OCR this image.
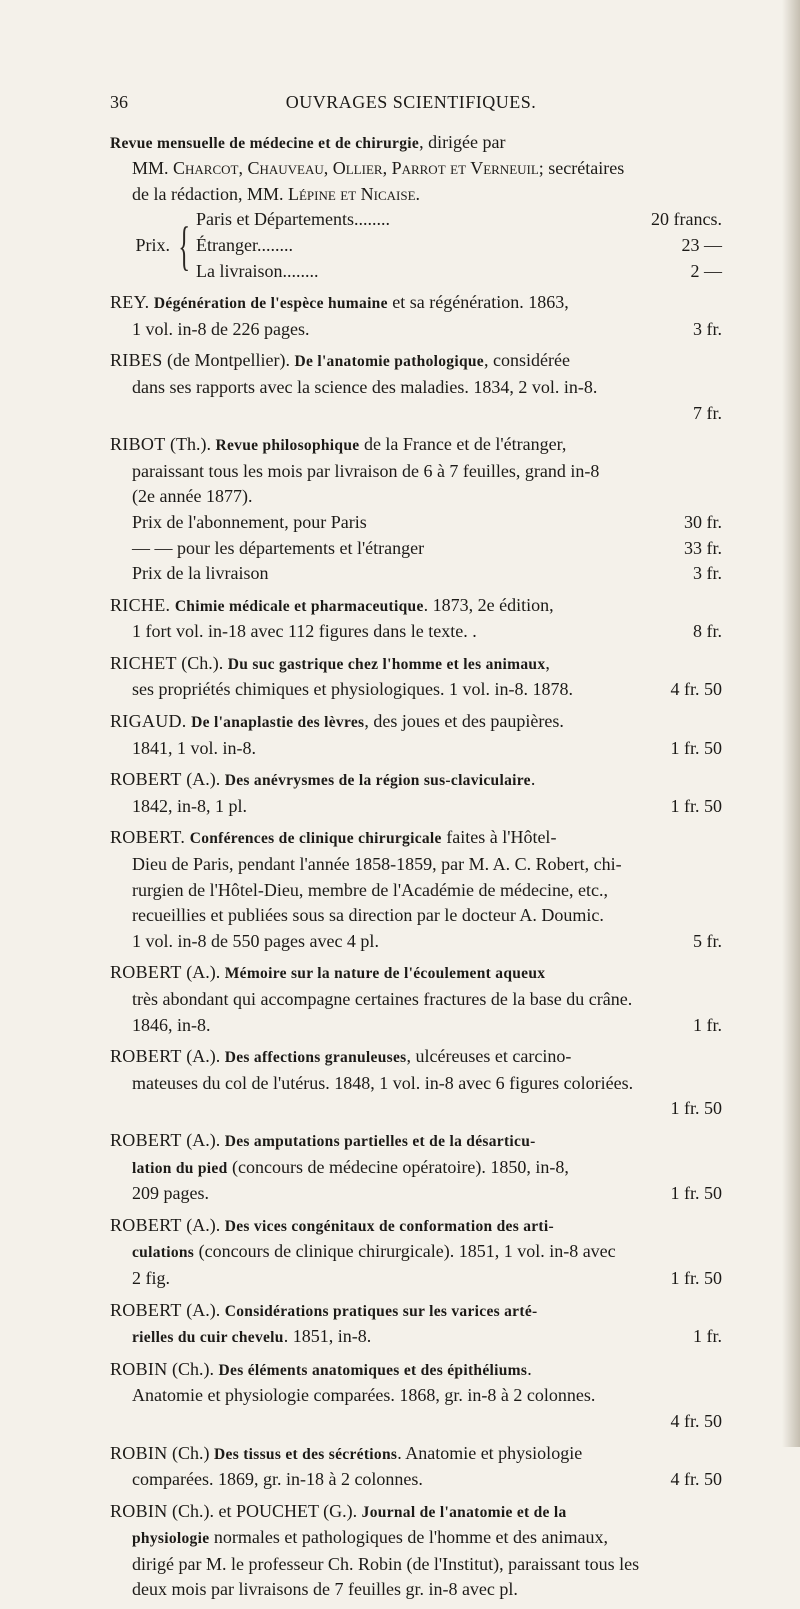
36	OUVRAGES SCIENTIFIQUES.

Revue mensuelle de médecine et de chirurgie, dirigée par

MM. Charcot, Chauveau, Ollier, Parrot et Verneuil; secrétaires

de la rédaction, MM. Lépine et Nicaise.

Prix. { Paris et Départements........	20 francs.
Étranger........	23 —
La livraison........	2 —

REY. Dégénération de l'espèce humaine et sa régénération. 1863,

1 vol. in-8 de 226 pages.	3 fr.

RIBES (de Montpellier). De l'anatomie pathologique, considérée

dans ses rapports avec la science des maladies. 1834, 2 vol. in-8.

7 fr.

RIBOT (Th.). Revue philosophique de la France et de l'étranger,

paraissant tous les mois par livraison de 6 à 7 feuilles, grand in-8

(2e année 1877).

Prix de l'abonnement, pour Paris	30 fr.
— — pour les départements et l'étranger	33 fr.
Prix de la livraison	3 fr.

RICHE. Chimie médicale et pharmaceutique. 1873, 2e édition,

1 fort vol. in-18 avec 112 figures dans le texte. .	8 fr.

RICHET (Ch.). Du suc gastrique chez l'homme et les animaux,

ses propriétés chimiques et physiologiques. 1 vol. in-8. 1878.	4 fr. 50

RIGAUD. De l'anaplastie des lèvres, des joues et des paupières.

1841, 1 vol. in-8.	1 fr. 50

ROBERT (A.). Des anévrysmes de la région sus-claviculaire.

1842, in-8, 1 pl.	1 fr. 50

ROBERT. Conférences de clinique chirurgicale faites à l'Hôtel-

Dieu de Paris, pendant l'année 1858-1859, par M. A. C. Robert, chi-

rurgien de l'Hôtel-Dieu, membre de l'Académie de médecine, etc.,

recueillies et publiées sous sa direction par le docteur A. Doumic.

1 vol. in-8 de 550 pages avec 4 pl.	5 fr.

ROBERT (A.). Mémoire sur la nature de l'écoulement aqueux

très abondant qui accompagne certaines fractures de la base du crâne.

1846, in-8.	1 fr.

ROBERT (A.). Des affections granuleuses, ulcéreuses et carcino-

mateuses du col de l'utérus. 1848, 1 vol. in-8 avec 6 figures coloriées.

1 fr. 50

ROBERT (A.). Des amputations partielles et de la désarticu-

lation du pied (concours de médecine opératoire). 1850, in-8,

209 pages.	1 fr. 50

ROBERT (A.). Des vices congénitaux de conformation des arti-

culations (concours de clinique chirurgicale). 1851, 1 vol. in-8 avec

2 fig.	1 fr. 50

ROBERT (A.). Considérations pratiques sur les varices arté-

rielles du cuir chevelu. 1851, in-8.	1 fr.

ROBIN (Ch.). Des éléments anatomiques et des épithéliums.

Anatomie et physiologie comparées. 1868, gr. in-8 à 2 colonnes.

4 fr. 50

ROBIN (Ch.) Des tissus et des sécrétions. Anatomie et physiologie

comparées. 1869, gr. in-18 à 2 colonnes.	4 fr. 50

ROBIN (Ch.). et POUCHET (G.). Journal de l'anatomie et de la

physiologie normales et pathologiques de l'homme et des animaux,

dirigé par M. le professeur Ch. Robin (de l'Institut), paraissant tous les

deux mois par livraisons de 7 feuilles gr. in-8 avec pl.
